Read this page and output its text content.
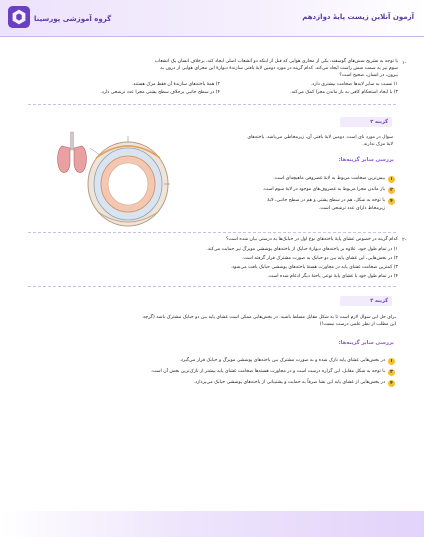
گروه آموزشی پورسینا	آزمون آنلاین زیست پایهٔ دوازدهم
۱-
با توجه به تشریح شش‌های گوسفند، یکی از مجاری هوایی که قبل از اینکه دو انشعاب اصلی ایجاد کند، برخلاف انسان یک انشعاب
سوم نیز به سمت شش راست ایجاد می‌کند. کدام گزینه در مورد دومین لایهٔ بافتی سازندهٔ دیوارهٔ این مجرای هوایی از درون به
بیرون، در انسان، صحیح است؟
۱) نسبت به سایر لایه‌ها ضخامت بیشتری دارد.
۲) همهٔ یاخته‌های سازندهٔ آن فقط مژک هستند.
۳) با ایجاد استحکام کافی به باز ماندن مجرا کمک می‌کند.
۴) در سطح جانبی برخلاف سطح پشتی مجرا عدد ترشحی دارد.
گزینه ۳
سوال در مورد نای است. دومین لایهٔ بافتی آن، زیرمخاطی می‌باشد. یاخته‌های
لایهٔ مژک ندارند.
بررسی سایر گزینه‌ها:
۱
بیش‌ترین ضخامت مربوط به لایهٔ غضروفی ماهیچه‌ای است.
۲
باز ماندن مجرا مربوط به غضروف‌های موجود در لایهٔ سوم است.
۴
با توجه به شکل، هم در سطح پشتی و هم در سطح جانبی، لایهٔ
زیرمخاط دارای عدد ترشحی است.
۲-
کدام گزینه در خصوص عشای پایهٔ یاخته‌های نوع اول در حبابک‌ها به درستی بیان شده است؟
۱) در تمام طول خود، علاوه بر یاخته‌های دیوارهٔ حبابک از یاخته‌های پوششی مویرگ نیز حمایت می‌کند.
۲) در بخش‌هایی، این غشای پایه بین دو حبابک به صورت مشترک قرار گرفته است.
۳) کمترین ضخامت غشای پایه در مجاورت هستهٔ یاخته‌های پوششی حبابک یافت می‌شود.
۴) در تمام طول خود با غشای پایهٔ نوعی یاختهٔ دیگر ادغام شده است.
گزینه ۴
برای حل این سوال لازم است تا به شکل مقابل مسلط باشید. در بخش‌هایی ممکن است غشای پایه بین دو حبابک مشترک باشد (گرچه
این مطلب از نظر علمی درست نیست!)
بررسی سایر گزینه‌ها:
۱
در بخش‌هایی غشای پایه نازک شده و به صورت مشترک بین یاخته‌های پوششی مویرگ و حبابک قرار می‌گیرد.
۳
با توجه به شکل مقابل، این گزاره درست است و در مجاورت هسته‌ها ضخامت غشای پایه بیشتر از نازک‌ترین بخش آن است.
۴
در بخش‌هایی از غشای پایه این نشا صرفاً به حمایت و پشتیبانی از یاخته‌های پوششی حبابک می‌پردازد.
